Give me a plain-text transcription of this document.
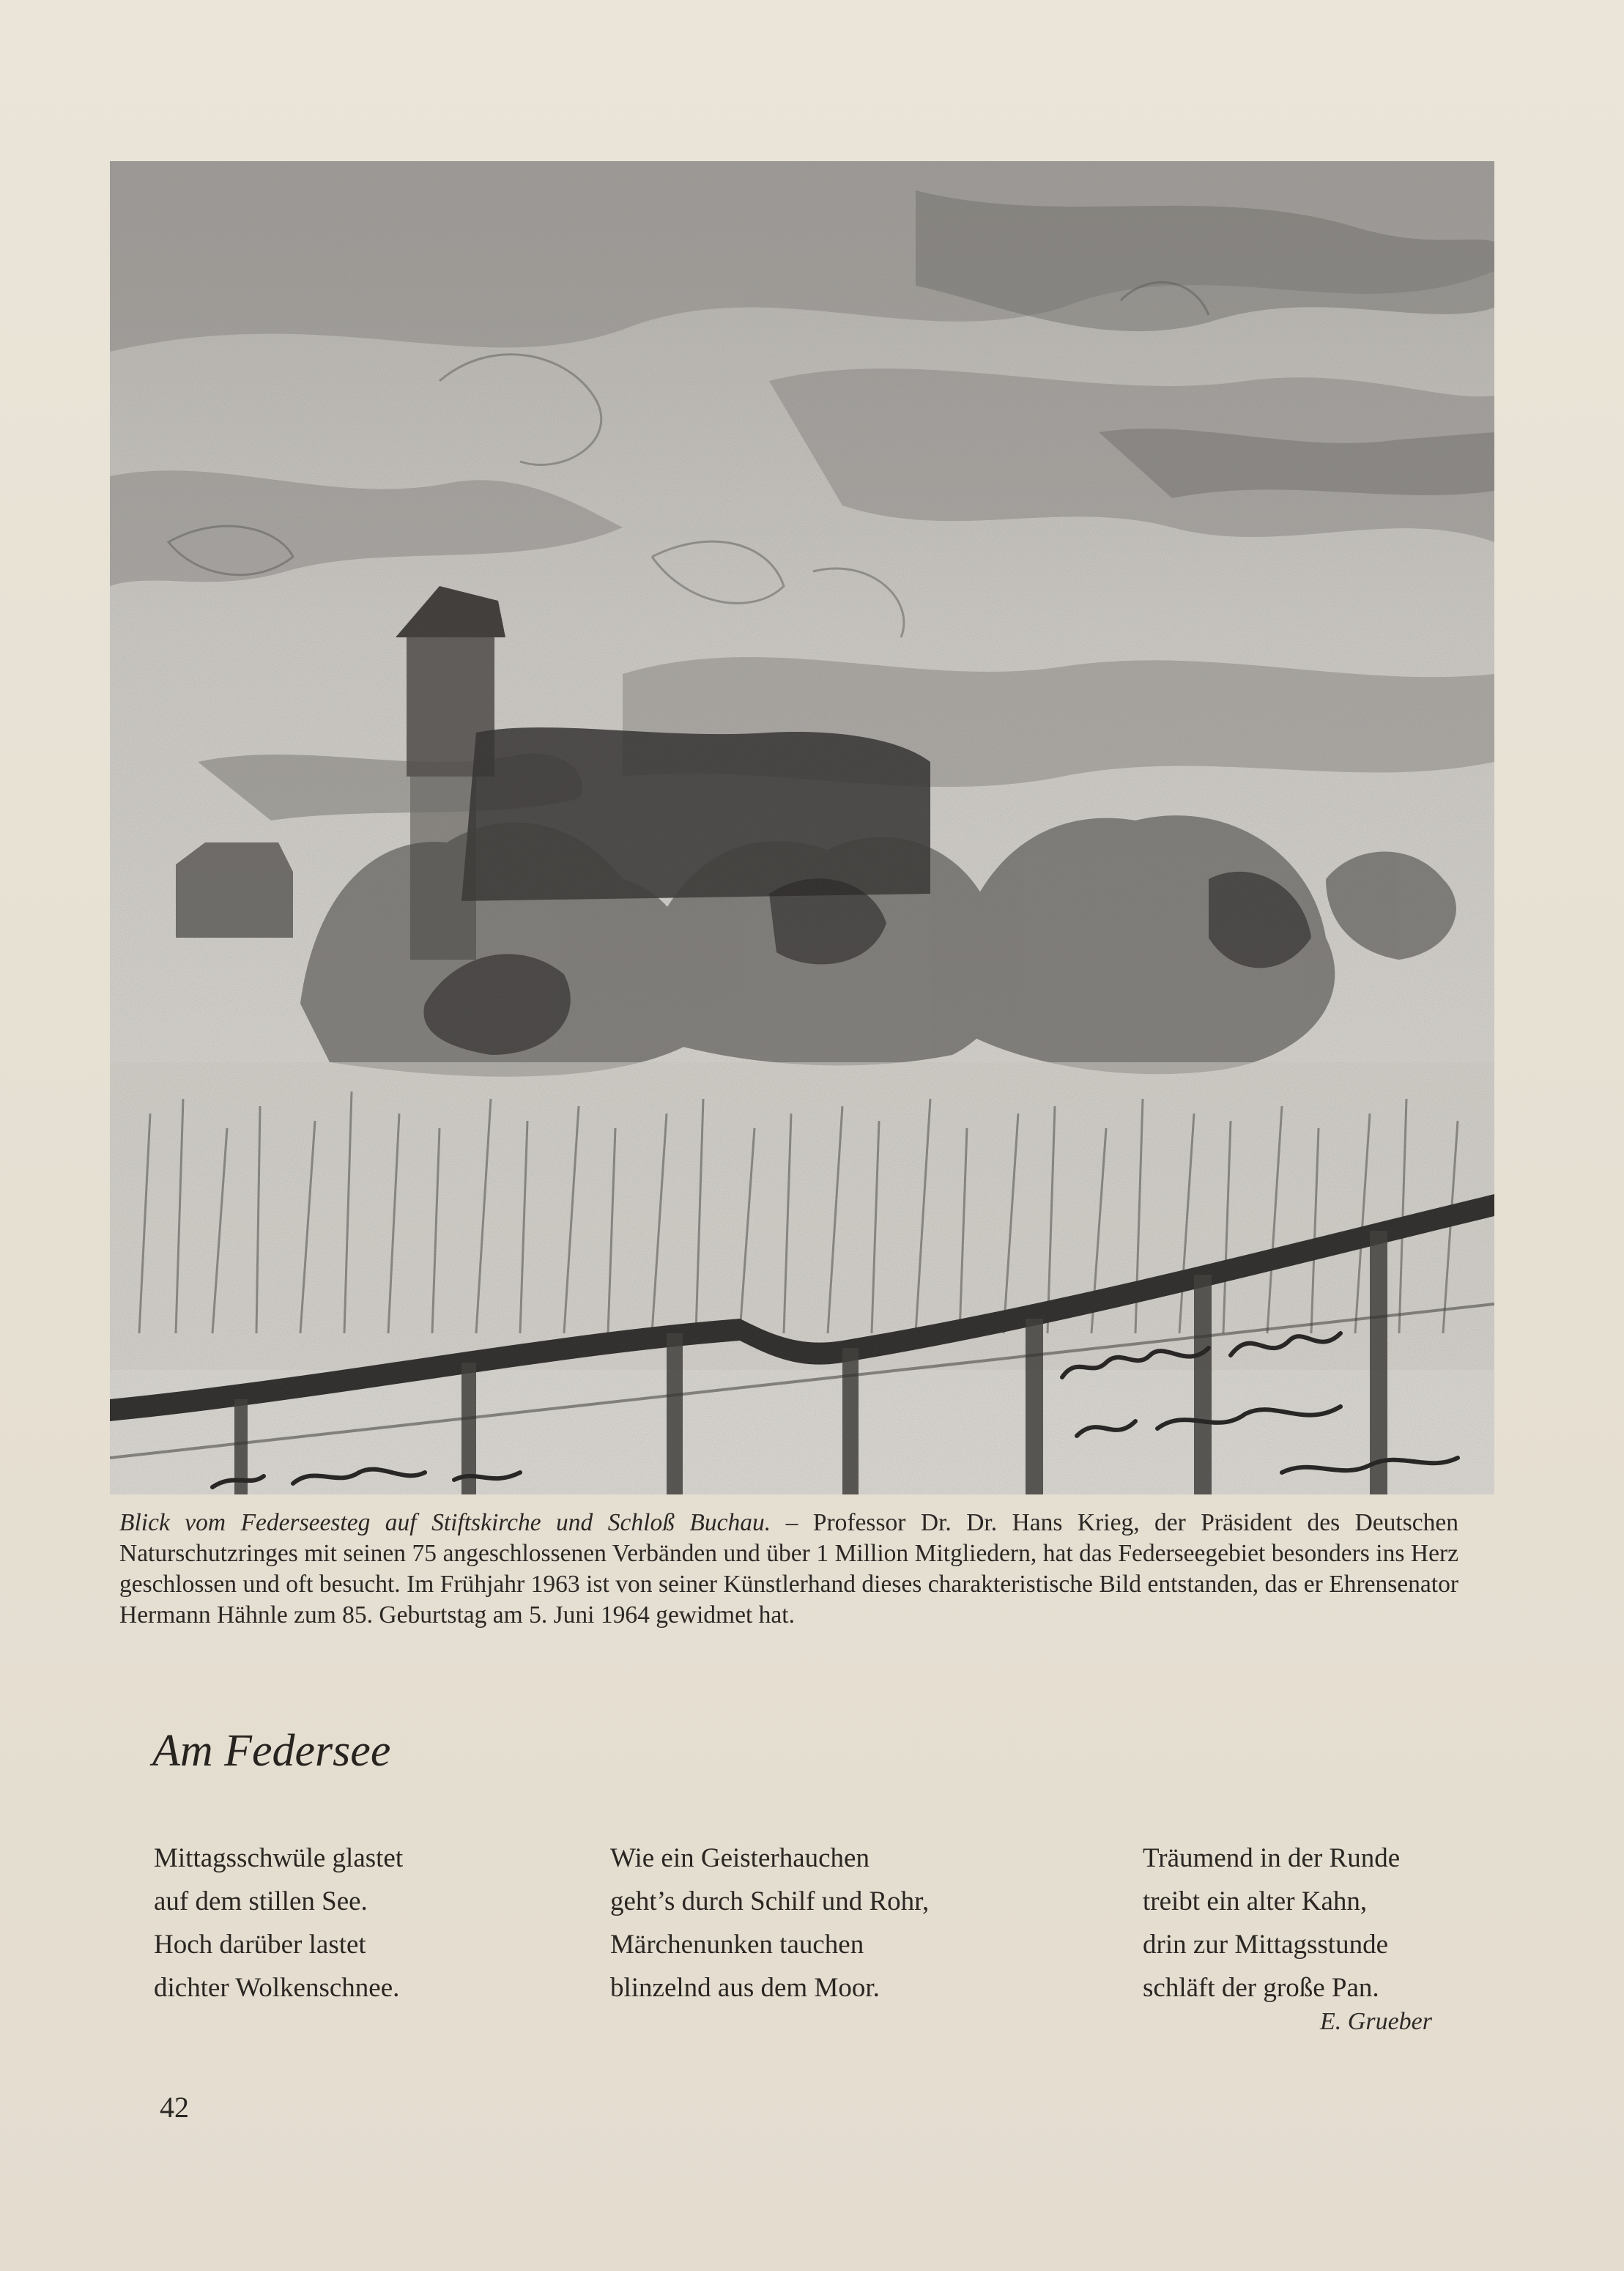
Blick vom Federseesteg auf Stiftskirche und Schloß Buchau. – Professor Dr. Dr. Hans Krieg, der Präsident des Deutschen Naturschutzringes mit seinen 75 angeschlossenen Verbänden und über 1 Million Mitgliedern, hat das Federseegebiet besonders ins Herz geschlossen und oft besucht. Im Frühjahr 1963 ist von seiner Künstlerhand dieses charakteristische Bild entstanden, das er Ehrensenator Hermann Hähnle zum 85. Geburtstag am 5. Juni 1964 gewidmet hat.
Am Federsee
Mittagsschwüle glastet
auf dem stillen See.
Hoch darüber lastet
dichter Wolkenschnee.
Wie ein Geisterhauchen
geht’s durch Schilf und Rohr,
Märchenunken tauchen
blinzelnd aus dem Moor.
Träumend in der Runde
treibt ein alter Kahn,
drin zur Mittagsstunde
schläft der große Pan.
E. Grueber
42
